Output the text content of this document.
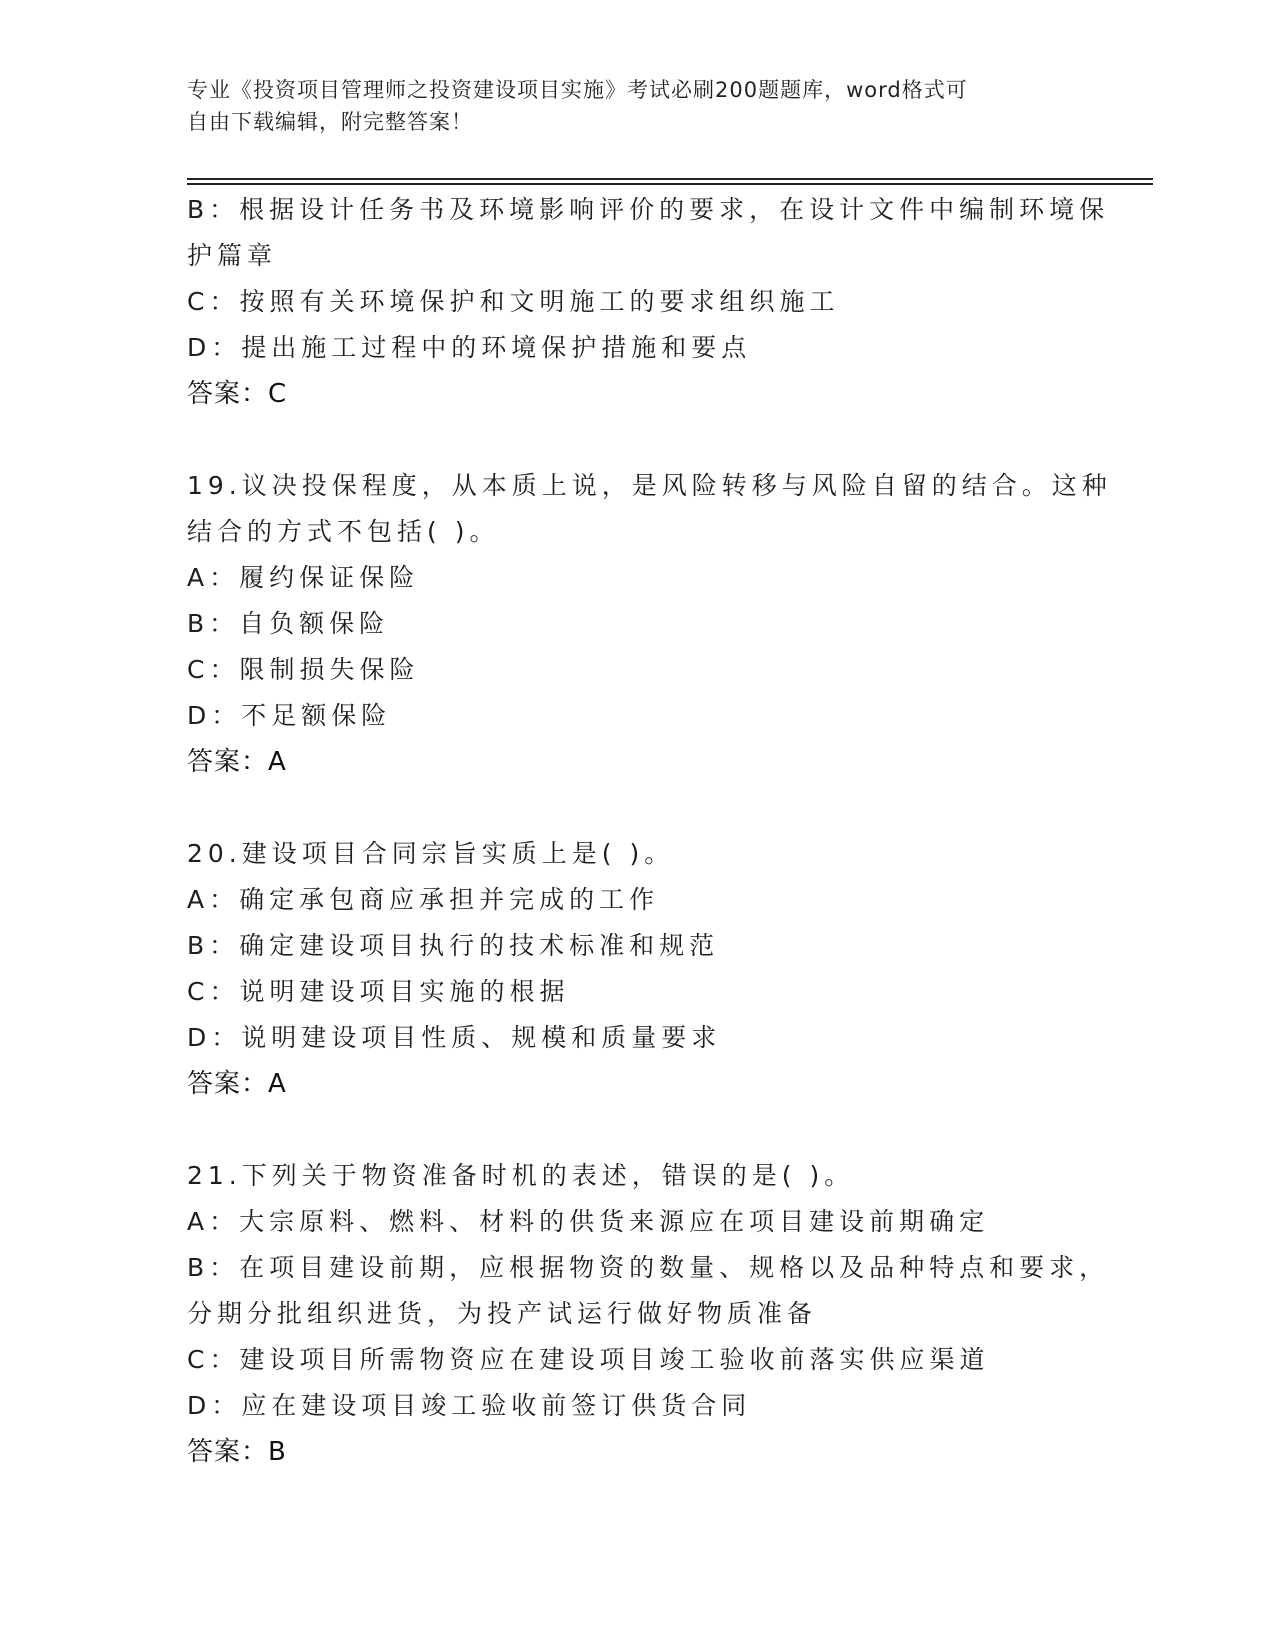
专业《投资项目管理师之投资建设项目实施》考试必刷200题题库，word格式可
自由下载编辑，附完整答案！
B：根据设计任务书及环境影响评价的要求，在设计文件中编制环境保
护篇章
C：按照有关环境保护和文明施工的要求组织施工
D：提出施工过程中的环境保护措施和要点
答案：C
19.议决投保程度，从本质上说，是风险转移与风险自留的结合。这种
结合的方式不包括( )。
A：履约保证保险
B：自负额保险
C：限制损失保险
D：不足额保险
答案：A
20.建设项目合同宗旨实质上是( )。
A：确定承包商应承担并完成的工作
B：确定建设项目执行的技术标准和规范
C：说明建设项目实施的根据
D：说明建设项目性质、规模和质量要求
答案：A
21.下列关于物资准备时机的表述，错误的是( )。
A：大宗原料、燃料、材料的供货来源应在项目建设前期确定
B：在项目建设前期，应根据物资的数量、规格以及品种特点和要求，
分期分批组织进货，为投产试运行做好物质准备
C：建设项目所需物资应在建设项目竣工验收前落实供应渠道
D：应在建设项目竣工验收前签订供货合同
答案：B
